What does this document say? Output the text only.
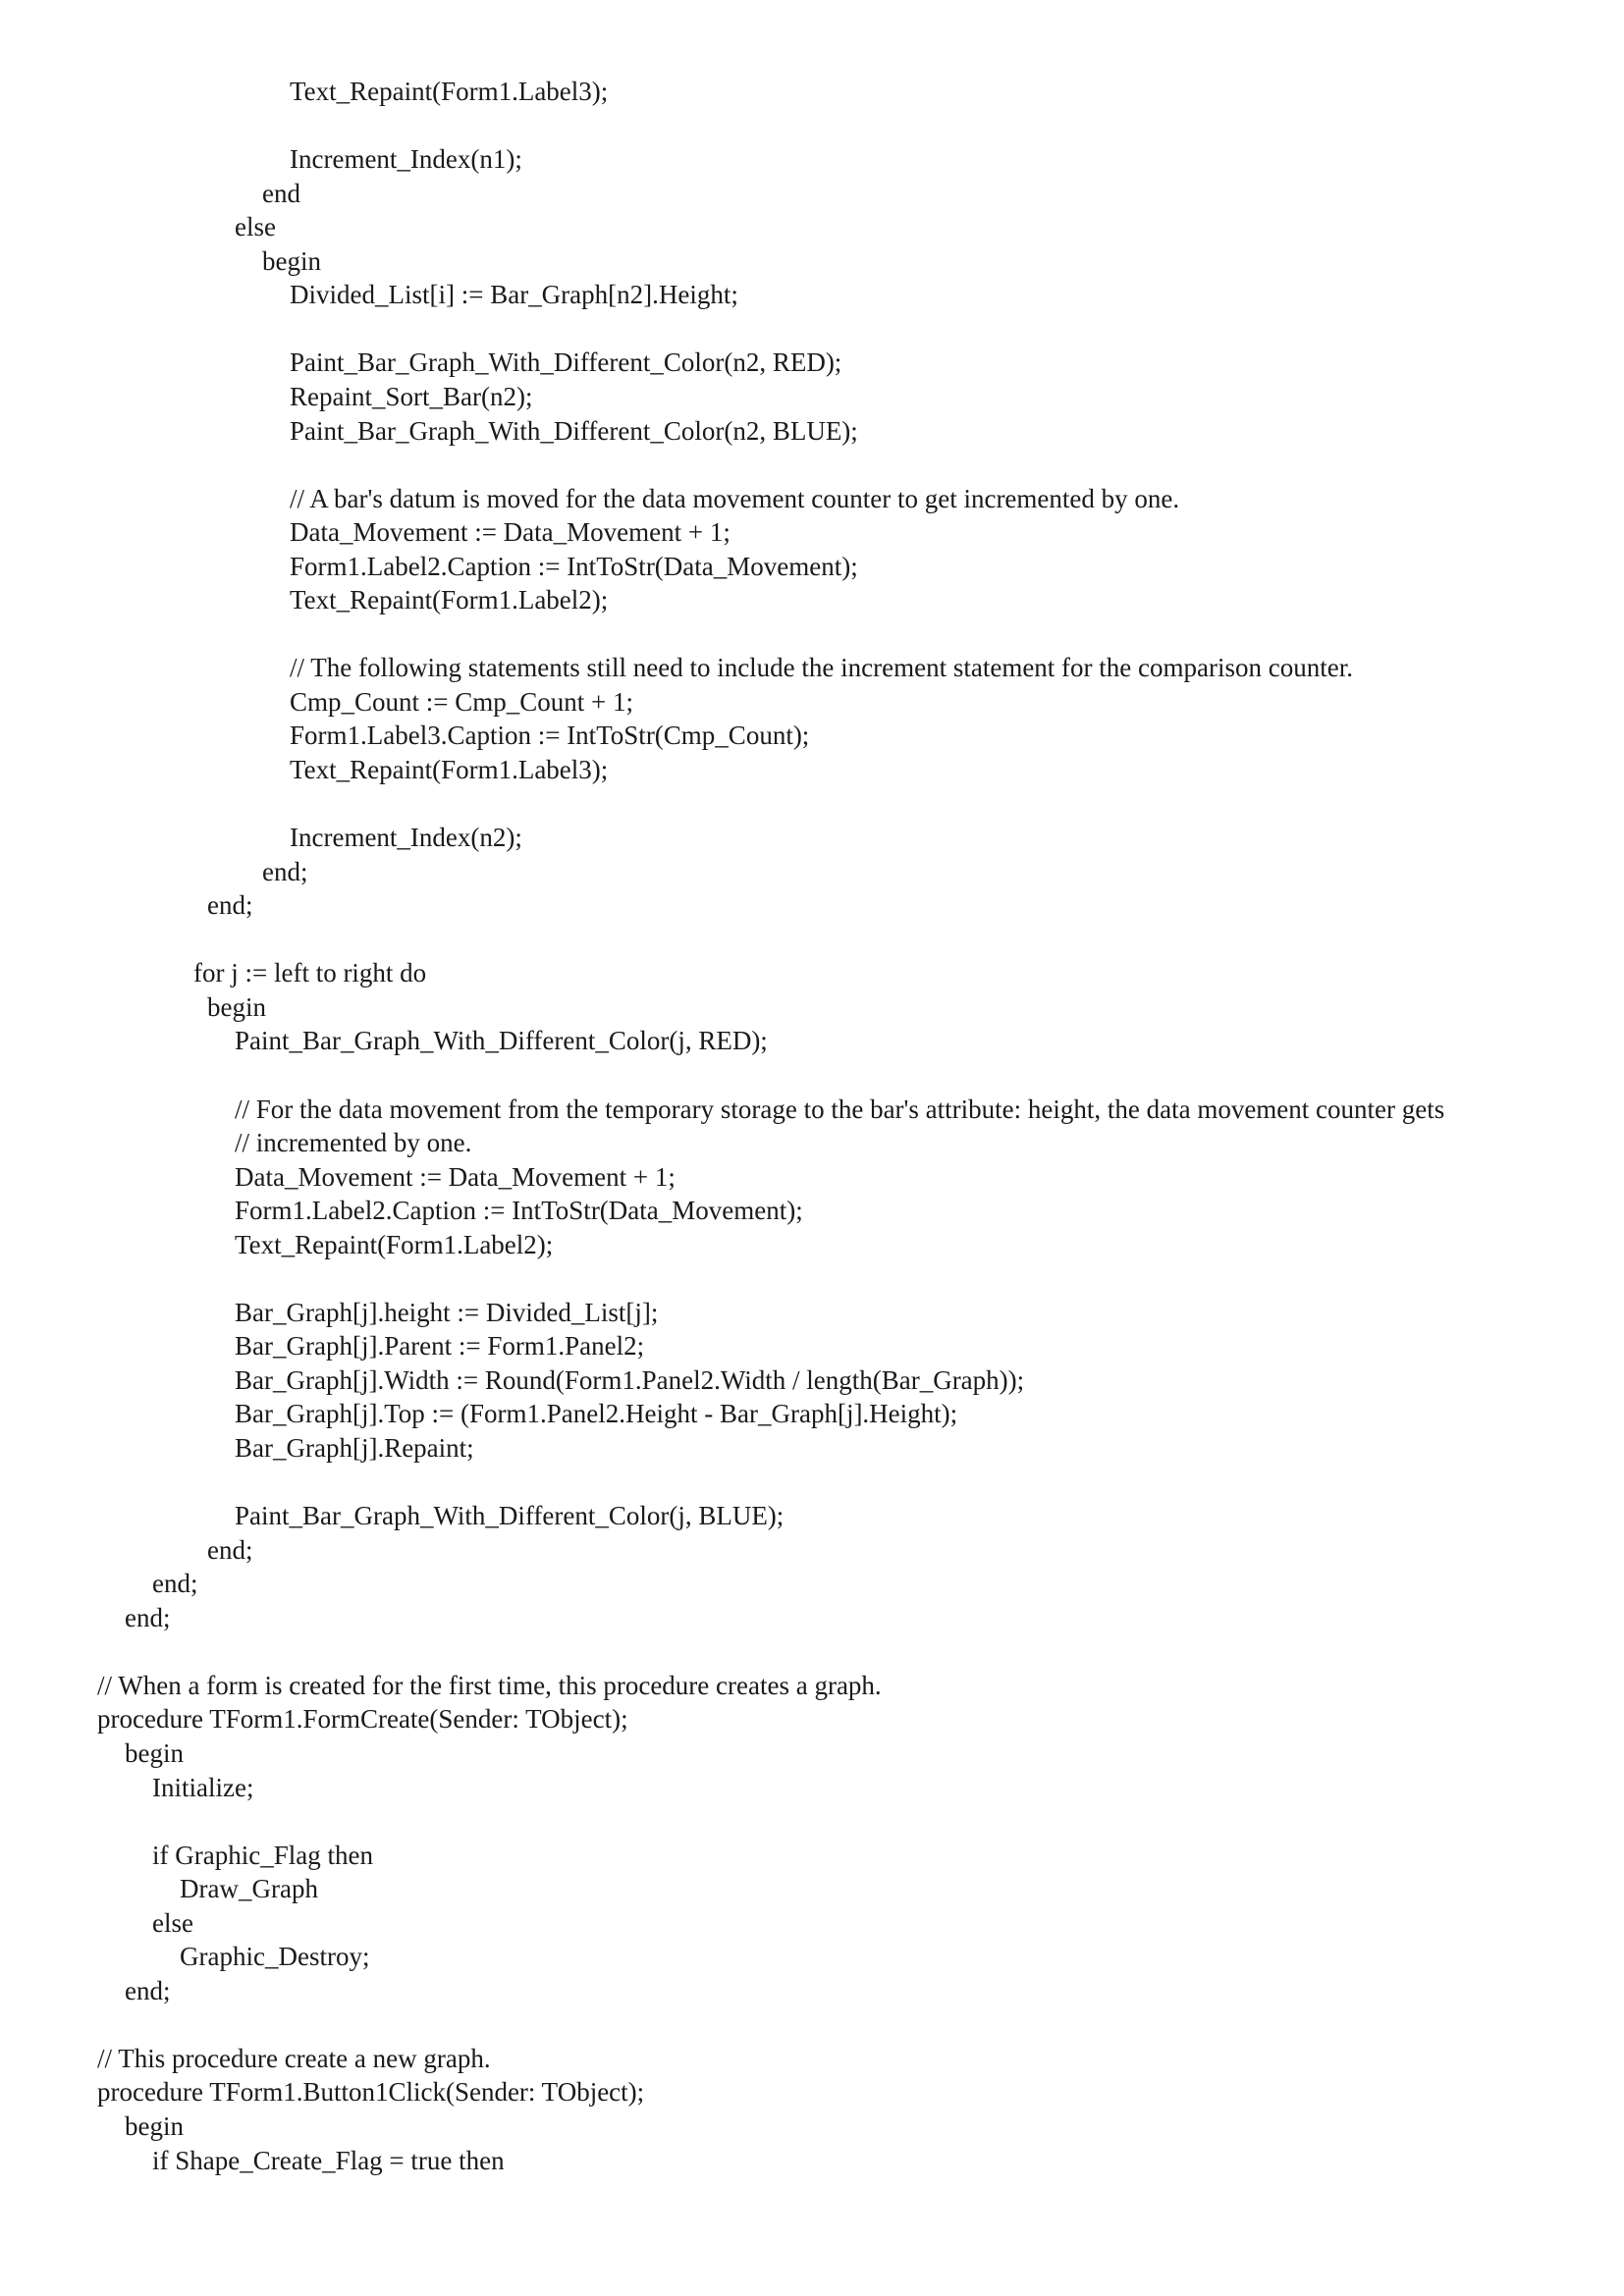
Text_Repaint(Form1.Label3);
Increment_Index(n1);
end
else
begin
Divided_List[i] := Bar_Graph[n2].Height;
Paint_Bar_Graph_With_Different_Color(n2, RED);
Repaint_Sort_Bar(n2);
Paint_Bar_Graph_With_Different_Color(n2, BLUE);
// A bar's datum is moved for the data movement counter to get incremented by one.
Data_Movement := Data_Movement + 1;
Form1.Label2.Caption := IntToStr(Data_Movement);
Text_Repaint(Form1.Label2);
// The following statements still need to include the increment statement for the comparison counter.
Cmp_Count := Cmp_Count + 1;
Form1.Label3.Caption := IntToStr(Cmp_Count);
Text_Repaint(Form1.Label3);
Increment_Index(n2);
end;
end;
for j := left to right do
begin
Paint_Bar_Graph_With_Different_Color(j, RED);
// For the data movement from the temporary storage to the bar's attribute: height, the data movement counter gets
// incremented by one.
Data_Movement := Data_Movement + 1;
Form1.Label2.Caption := IntToStr(Data_Movement);
Text_Repaint(Form1.Label2);
Bar_Graph[j].height := Divided_List[j];
Bar_Graph[j].Parent := Form1.Panel2;
Bar_Graph[j].Width := Round(Form1.Panel2.Width / length(Bar_Graph));
Bar_Graph[j].Top := (Form1.Panel2.Height - Bar_Graph[j].Height);
Bar_Graph[j].Repaint;
Paint_Bar_Graph_With_Different_Color(j, BLUE);
end;
end;
end;
// When a form is created for the first time, this procedure creates a graph.
procedure TForm1.FormCreate(Sender: TObject);
begin
Initialize;
if Graphic_Flag then
Draw_Graph
else
Graphic_Destroy;
end;
// This procedure create a new graph.
procedure TForm1.Button1Click(Sender: TObject);
begin
if Shape_Create_Flag = true then
